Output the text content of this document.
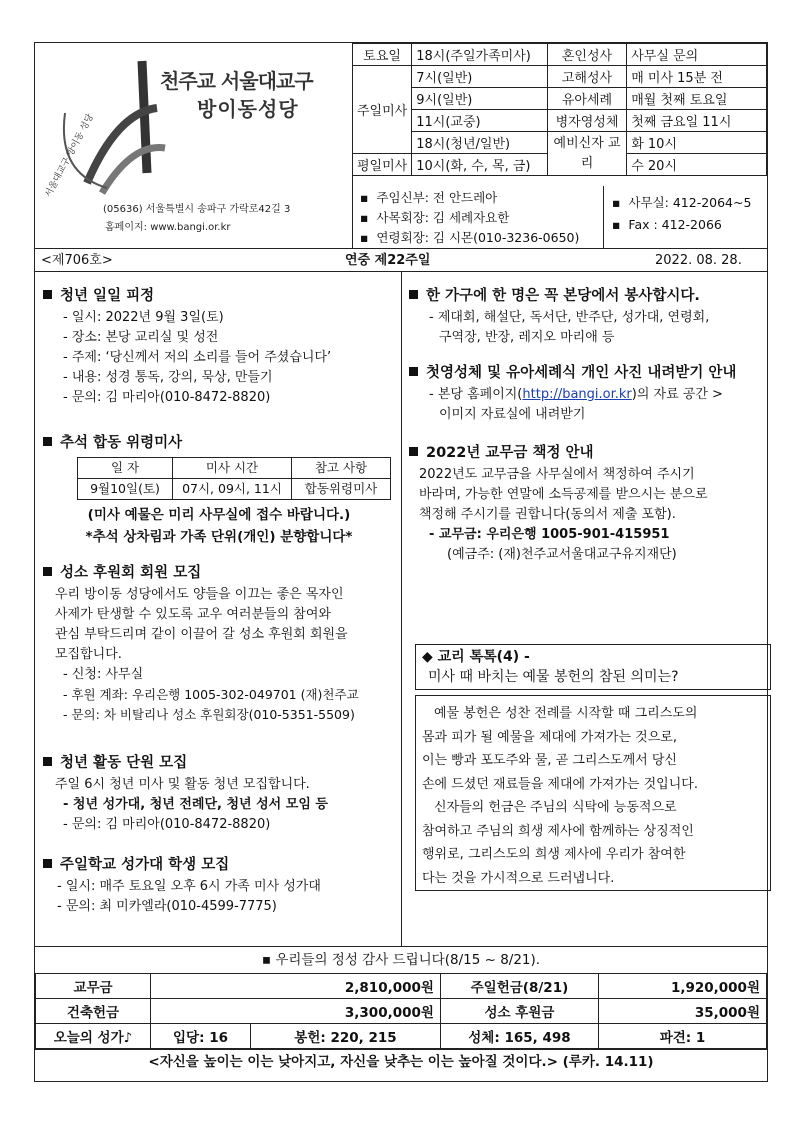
서울대교구 방이동 성당
천주교 서울대교구
방이동성당
(05636) 서울특별시 송파구 가락로42길 3
홈페이지: www.bangi.or.kr
토요일	18시(주일가족미사)	혼인성사	사무실 문의
주일미사	7시(일반)	고해성사	매 미사 15분 전
	9시(일반)	유아세례	매월 첫째 토요일
	11시(교중)	병자영성체	첫째 금요일 11시
	18시(청년/일반)	예비신자 교리	화 10시
평일미사	10시(화, 수, 목, 금)		수 20시
▪  주임신부: 전 안드레아
▪  사목회장: 김 세례자요한
▪  연령회장: 김 시몬(010-3236-0650)
▪  사무실: 412-2064~5
▪  Fax : 412-2066
<제706호>	연중 제22주일	2022. 08. 28.
청년 일일 피정
- 일시: 2022년 9월 3일(토)
- 장소: 본당 교리실 및 성전
- 주제: ‘당신께서 저의 소리를 들어 주셨습니다’
- 내용: 성경 통독, 강의, 묵상, 만들기
- 문의: 김 마리아(010-8472-8820)
추석 합동 위령미사
일 자	미사 시간	참고 사항
9월10일(토)	07시, 09시, 11시	합동위령미사
(미사 예물은 미리 사무실에 접수 바랍니다.)
*추석 상차림과 가족 단위(개인) 분향합니다*
성소 후원회 회원 모집
우리 방이동 성당에서도 양들을 이끄는 좋은 목자인
사제가 탄생할 수 있도록 교우 여러분들의 참여와
관심 부탁드리며 같이 이끌어 갈 성소 후원회 회원을
모집합니다.
- 신청: 사무실
- 후원 계좌: 우리은행 1005-302-049701 (재)천주교
- 문의: 차 비탈리나 성소 후원회장(010-5351-5509)
청년 활동 단원 모집
주일 6시 청년 미사 및 활동 청년 모집합니다.
- 청년 성가대, 청년 전례단, 청년 성서 모임 등
- 문의: 김 마리아(010-8472-8820)
주일학교 성가대 학생 모집
- 일시: 매주 토요일 오후 6시 가족 미사 성가대
- 문의: 최 미카엘라(010-4599-7775)
한 가구에 한 명은 꼭 본당에서 봉사합시다.
- 제대회, 해설단, 독서단, 반주단, 성가대, 연령회,
구역장, 반장, 레지오 마리애 등
첫영성체 및 유아세례식 개인 사진 내려받기 안내
- 본당 홈페이지(http://bangi.or.kr)의 자료 공간 >
이미지 자료실에 내려받기
2022년 교무금 책정 안내
2022년도 교무금을 사무실에서 책정하여 주시기
바라며, 가능한 연말에 소득공제를 받으시는 분으로
책정해 주시기를 권합니다(동의서 제출 포함).
- 교무금: 우리은행 1005-901-415951
(예금주: (재)천주교서울대교구유지재단)
◆ 교리 톡톡(4) -
미사 때 바치는 예물 봉헌의 참된 의미는?
예물 봉헌은 성찬 전례를 시작할 때 그리스도의
몸과 피가 될 예물을 제대에 가져가는 것으로,
이는 빵과 포도주와 물, 곧 그리스도께서 당신
손에 드셨던 재료들을 제대에 가져가는 것입니다.
신자들의 헌금은 주님의 식탁에 능동적으로
참여하고 주님의 희생 제사에 함께하는 상징적인
행위로, 그리스도의 희생 제사에 우리가 참여한
다는 것을 가시적으로 드러냅니다.
▪ 우리들의 정성 감사 드립니다(8/15 ~ 8/21).
교무금	2,810,000원		주일헌금(8/21)	1,920,000원
건축헌금	3,300,000원		성소 후원금	35,000원
오늘의 성가♪	입당: 16	봉헌: 220, 215	성체: 165, 498	파견: 1
<자신을 높이는 이는 낮아지고, 자신을 낮추는 이는 높아질 것이다.> (루카. 14.11)
